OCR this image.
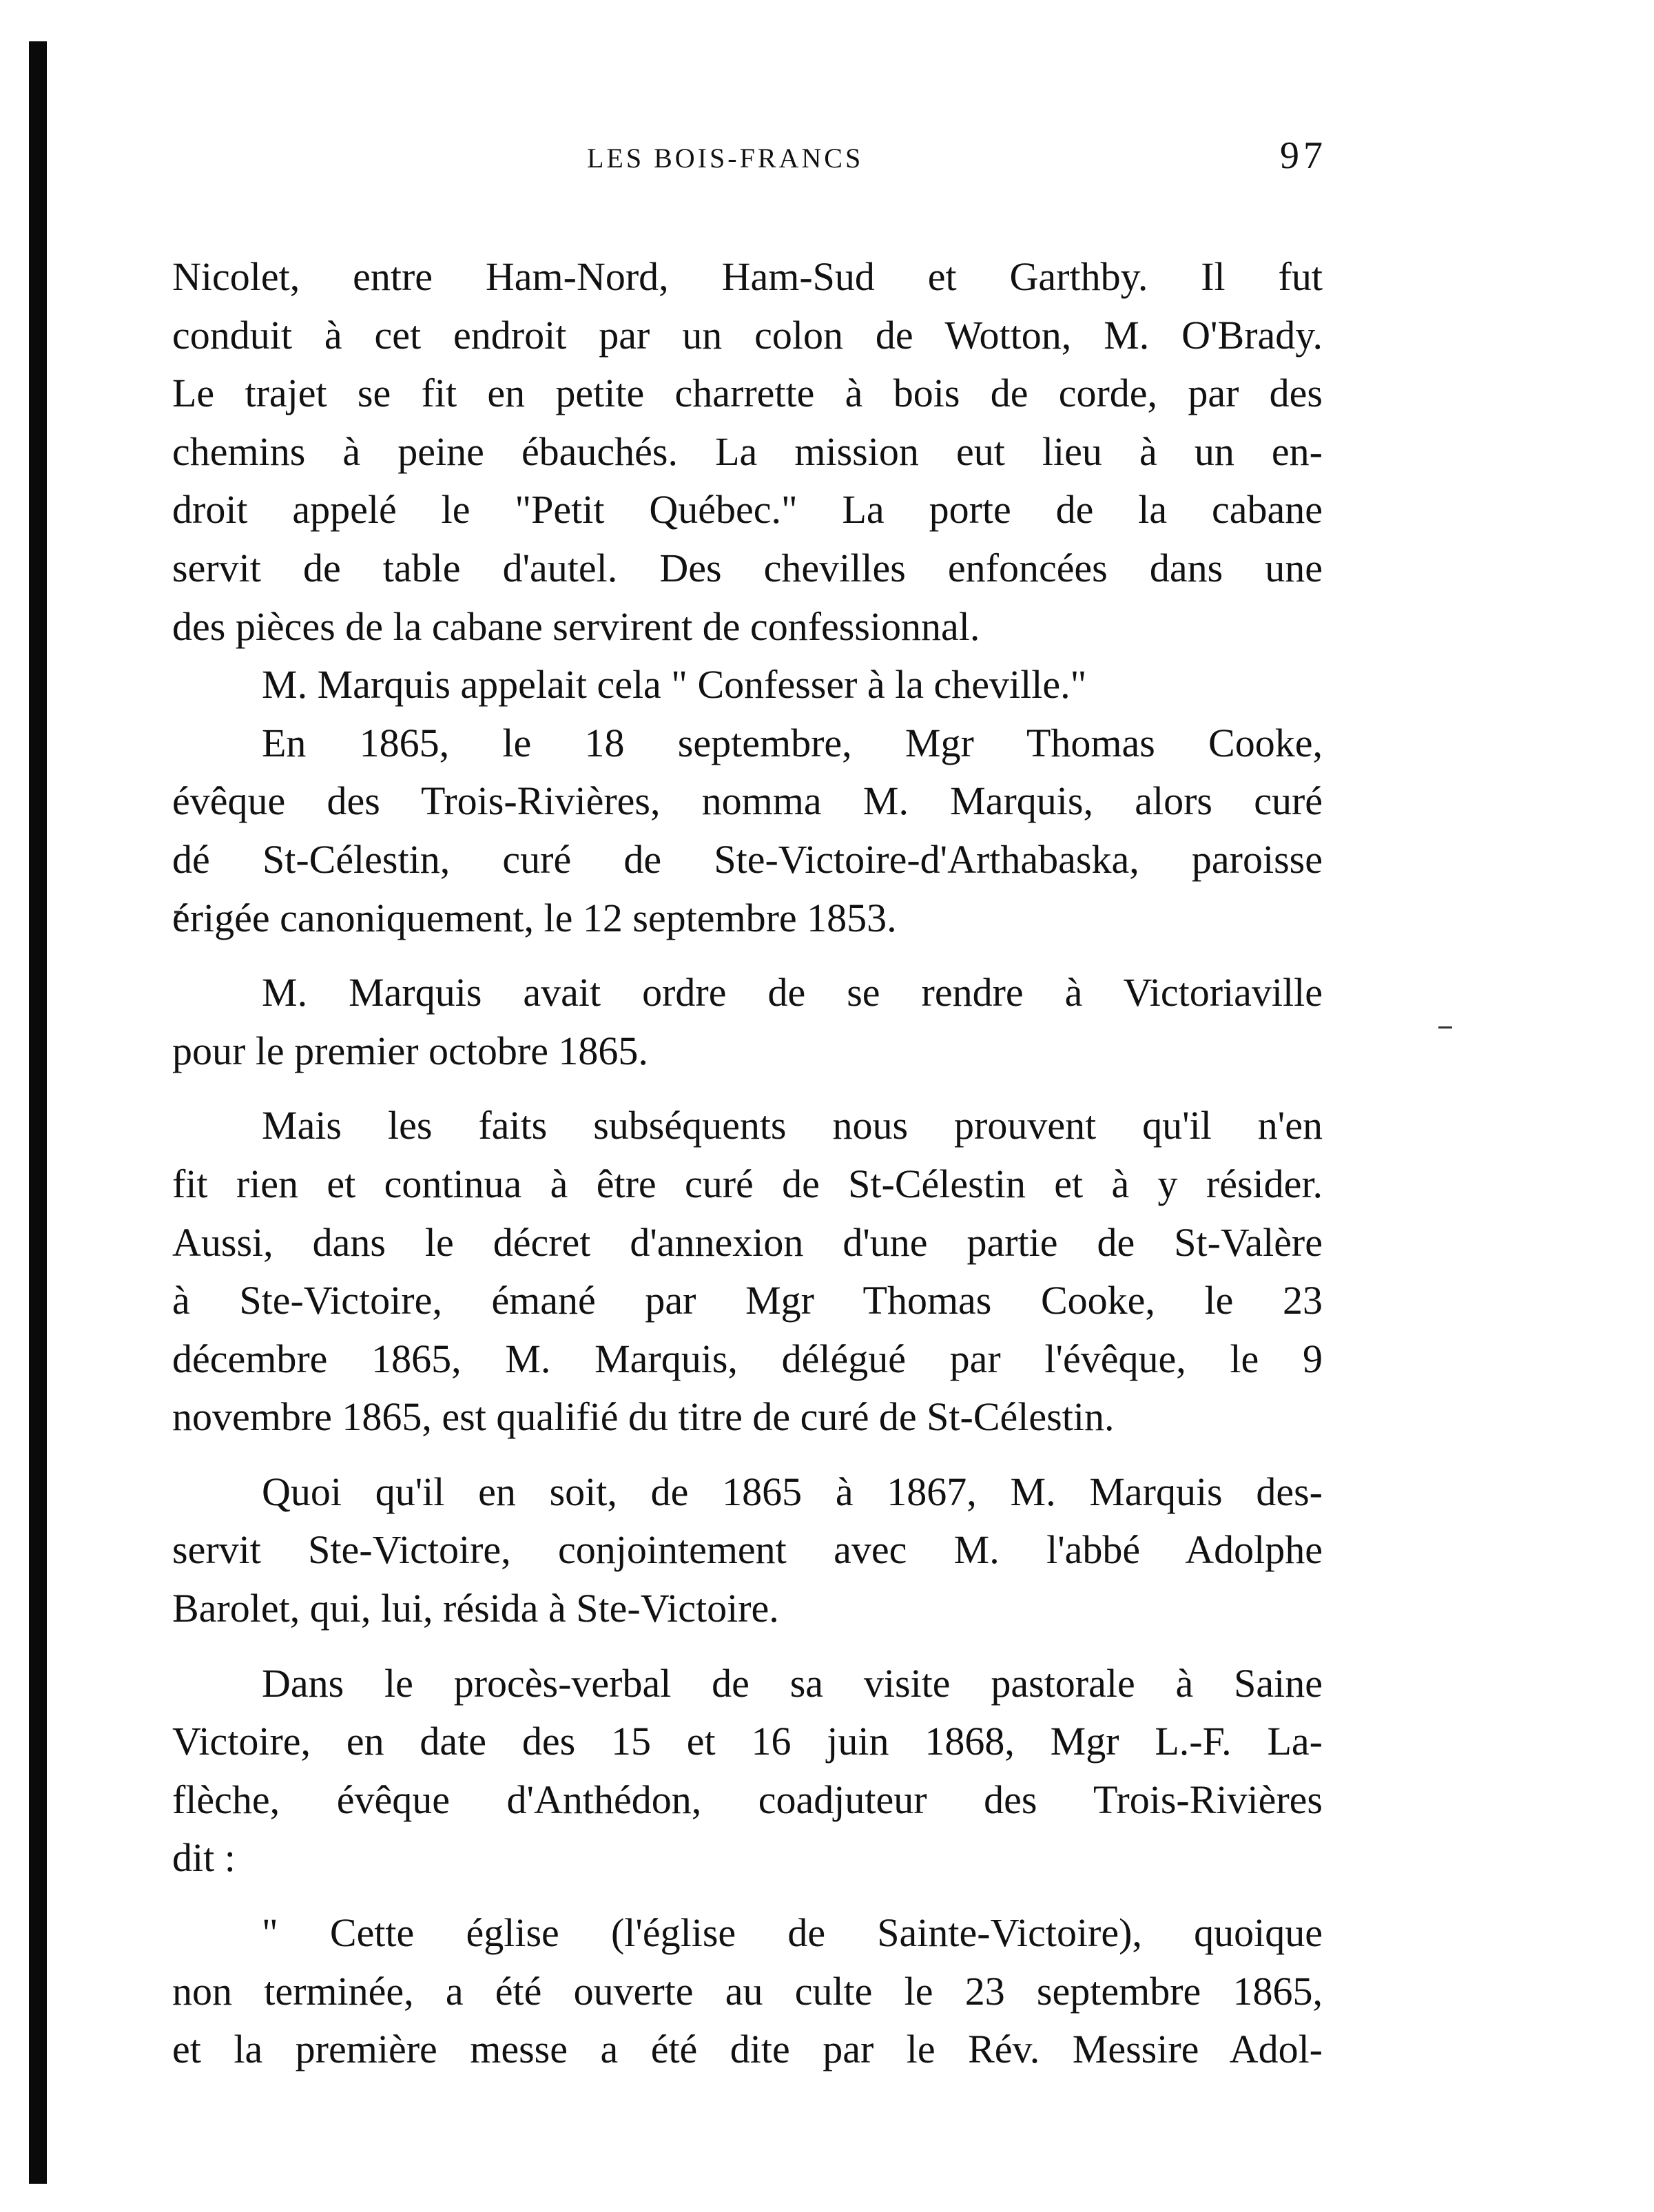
LES BOIS-FRANCS	97
Nicolet, entre Ham-Nord, Ham-Sud et Garthby. Il fut
conduit à cet endroit par un colon de Wotton, M. O'Brady.
Le trajet se fit en petite charrette à bois de corde, par des
chemins à peine ébauchés. La mission eut lieu à un en-
droit appelé le "Petit Québec." La porte de la cabane
servit de table d'autel. Des chevilles enfoncées dans une
des pièces de la cabane servirent de confessionnal.
M. Marquis appelait cela " Confesser à la cheville."
En 1865, le 18 septembre, Mgr Thomas Cooke,
évêque des Trois-Rivières, nomma M. Marquis, alors curé
dé St-Célestin, curé de Ste-Victoire-d'Arthabaska, paroisse
érigée canoniquement, le 12 septembre 1853.
M. Marquis avait ordre de se rendre à Victoriaville
pour le premier octobre 1865.
Mais les faits subséquents nous prouvent qu'il n'en
fit rien et continua à être curé de St-Célestin et à y résider.
Aussi, dans le décret d'annexion d'une partie de St-Valère
à Ste-Victoire, émané par Mgr Thomas Cooke, le 23
décembre 1865, M. Marquis, délégué par l'évêque, le 9
novembre 1865, est qualifié du titre de curé de St-Célestin.
Quoi qu'il en soit, de 1865 à 1867, M. Marquis des-
servit Ste-Victoire, conjointement avec M. l'abbé Adolphe
Barolet, qui, lui, résida à Ste-Victoire.
Dans le procès-verbal de sa visite pastorale à Saine
Victoire, en date des 15 et 16 juin 1868, Mgr L.-F. La-
flèche, évêque d'Anthédon, coadjuteur des Trois-Rivières
dit :
" Cette église (l'église de Sainte-Victoire), quoique
non terminée, a été ouverte au culte le 23 septembre 1865,
et la première messe a été dite par le Rév. Messire Adol-
